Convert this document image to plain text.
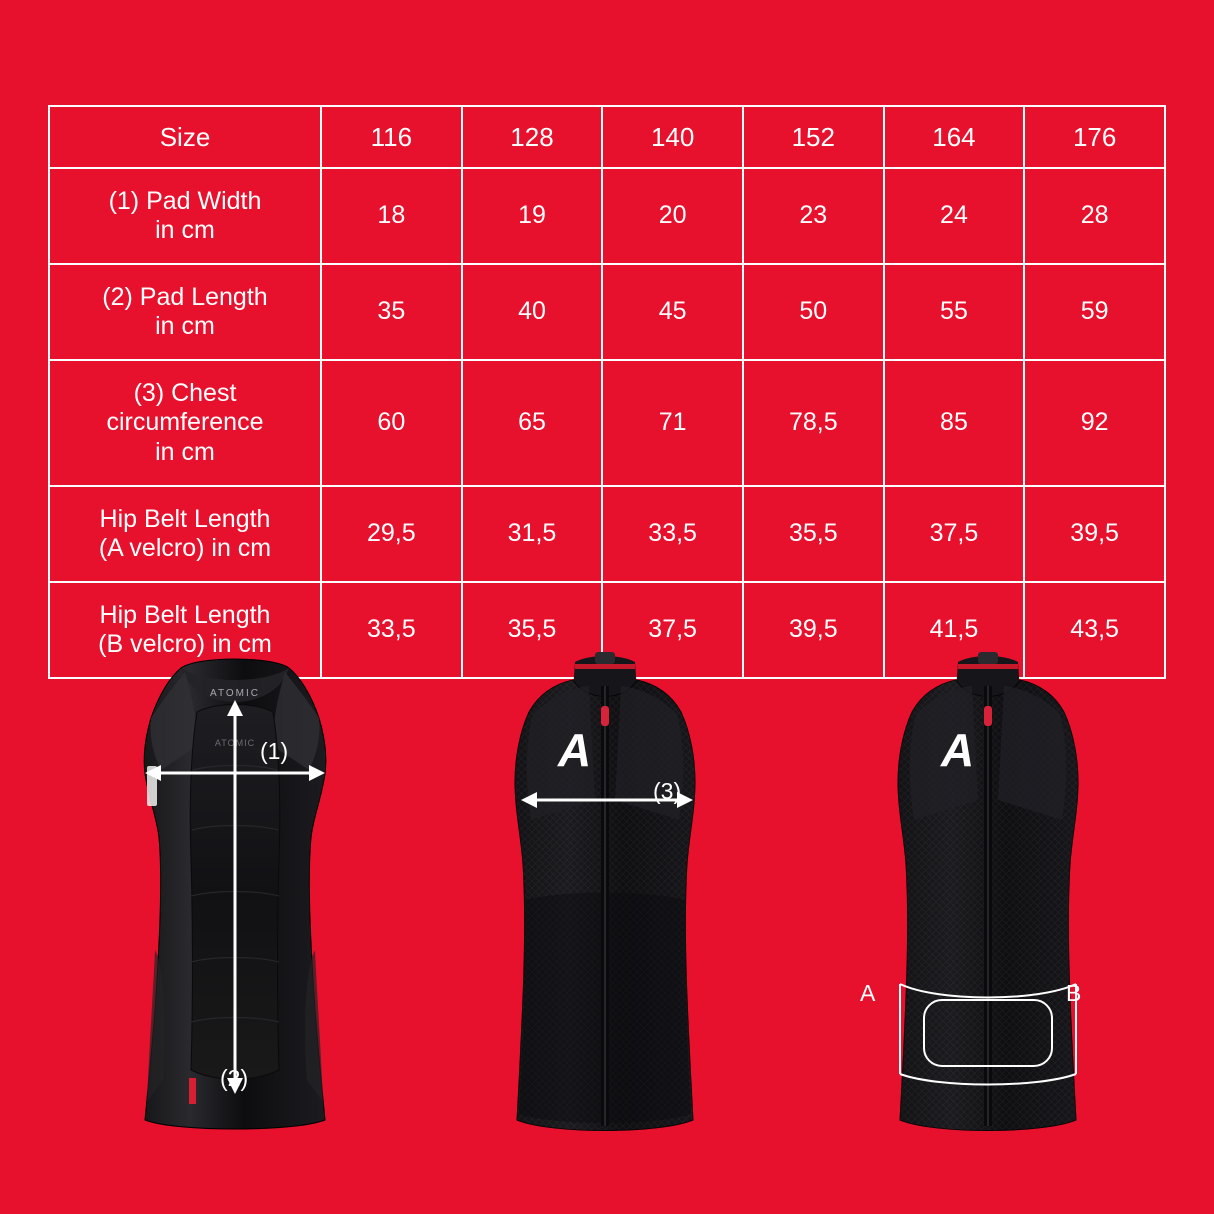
Size	116	128	140	152	164	176
(1) Pad Width
in cm	18	19	20	23	24	28
(2) Pad Length
in cm	35	40	45	50	55	59
(3) Chest
circumference
in cm	60	65	71	78,5	85	92
Hip Belt Length
(A velcro) in cm	29,5	31,5	33,5	35,5	37,5	39,5
Hip Belt Length
(B velcro) in cm	33,5	35,5	37,5	39,5	41,5	43,5
ATOMIC
ATOMIC (1)
(2)
A
(3)
A
A	B
